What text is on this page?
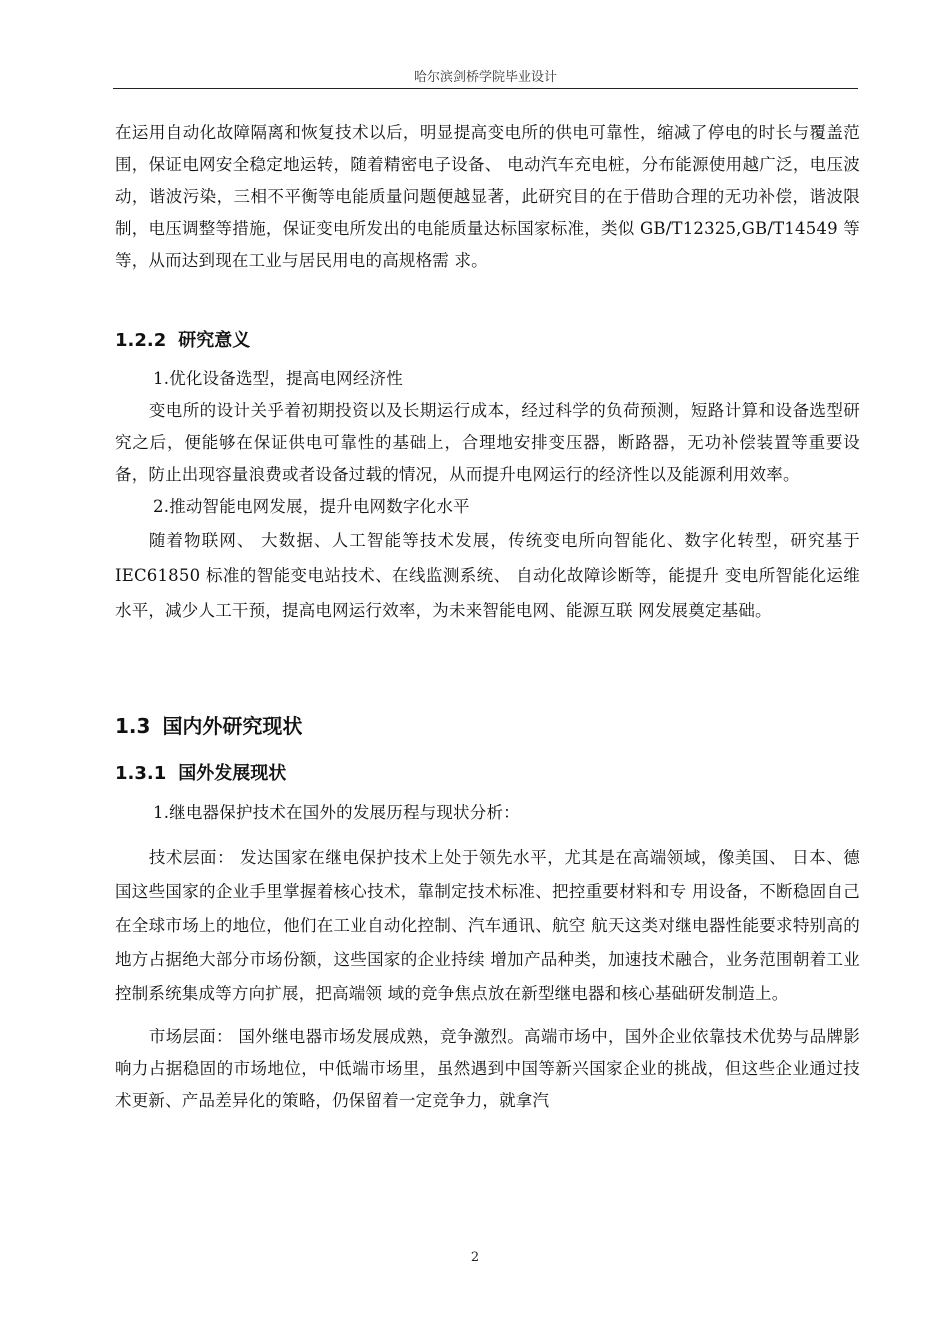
哈尔滨剑桥学院毕业设计

在运用自动化故障隔离和恢复技术以后，明显提高变电所的供电可靠性，缩减了停电的时长与覆盖范围，保证电网安全稳定地运转，随着精密电子设备、 电动汽车充电桩，分布能源使用越广泛，电压波动，谐波污染，三相不平衡等电能质量问题便越显著，此研究目的在于借助合理的无功补偿，谐波限制，电压调整等措施，保证变电所发出的电能质量达标国家标准，类似 GB/T12325,GB/T14549 等等，从而达到现在工业与居民用电的高规格需 求。

1.2.2 研究意义

1.优化设备选型，提高电网经济性

变电所的设计关乎着初期投资以及长期运行成本，经过科学的负荷预测，短路计算和设备选型研究之后，便能够在保证供电可靠性的基础上，合理地安排变压器，断路器，无功补偿装置等重要设备，防止出现容量浪费或者设备过载的情况，从而提升电网运行的经济性以及能源利用效率。

2.推动智能电网发展，提升电网数字化水平

随着物联网、 大数据、人工智能等技术发展，传统变电所向智能化、数字化转型，研究基于 IEC61850 标准的智能变电站技术、在线监测系统、 自动化故障诊断等，能提升 变电所智能化运维水平，减少人工干预，提高电网运行效率，为未来智能电网、能源互联 网发展奠定基础。

1.3 国内外研究现状
1.3.1 国外发展现状

1.继电器保护技术在国外的发展历程与现状分析：

技术层面： 发达国家在继电保护技术上处于领先水平，尤其是在高端领域，像美国、 日本、德国这些国家的企业手里掌握着核心技术，靠制定技术标准、把控重要材料和专 用设备，不断稳固自己在全球市场上的地位，他们在工业自动化控制、汽车通讯、航空 航天这类对继电器性能要求特别高的地方占据绝大部分市场份额，这些国家的企业持续 增加产品种类，加速技术融合，业务范围朝着工业控制系统集成等方向扩展，把高端领 域的竞争焦点放在新型继电器和核心基础研发制造上。

市场层面： 国外继电器市场发展成熟，竞争激烈。高端市场中，国外企业依靠技术优势与品牌影响力占据稳固的市场地位，中低端市场里，虽然遇到中国等新兴国家企业的挑战，但这些企业通过技术更新、产品差异化的策略，仍保留着一定竞争力，就拿汽

2
